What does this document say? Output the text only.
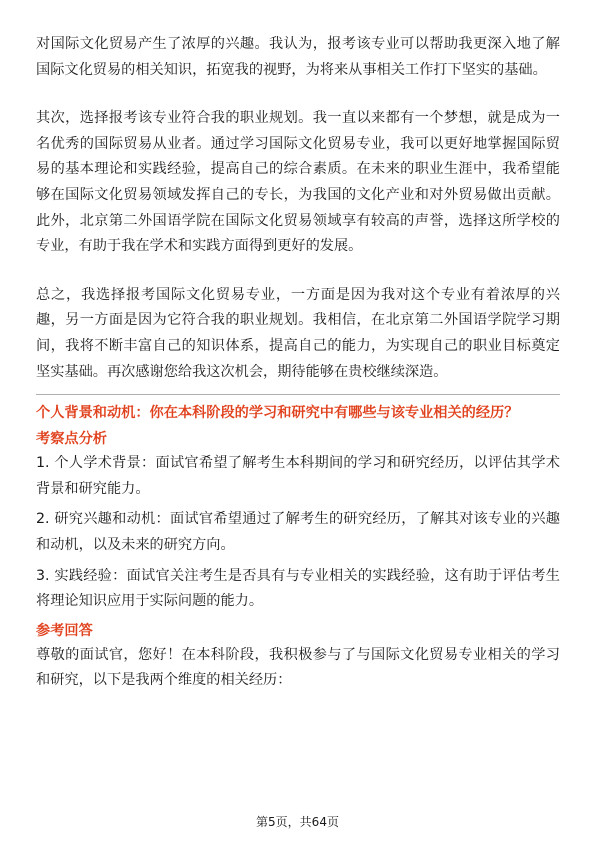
对国际文化贸易产生了浓厚的兴趣。我认为，报考该专业可以帮助我更深入地了解国际文化贸易的相关知识，拓宽我的视野，为将来从事相关工作打下坚实的基础。

其次，选择报考该专业符合我的职业规划。我一直以来都有一个梦想，就是成为一名优秀的国际贸易从业者。通过学习国际文化贸易专业，我可以更好地掌握国际贸易的基本理论和实践经验，提高自己的综合素质。在未来的职业生涯中，我希望能够在国际文化贸易领域发挥自己的专长，为我国的文化产业和对外贸易做出贡献。此外，北京第二外国语学院在国际文化贸易领域享有较高的声誉，选择这所学校的专业，有助于我在学术和实践方面得到更好的发展。

总之，我选择报考国际文化贸易专业，一方面是因为我对这个专业有着浓厚的兴趣，另一方面是因为它符合我的职业规划。我相信，在北京第二外国语学院学习期间，我将不断丰富自己的知识体系，提高自己的能力，为实现自己的职业目标奠定坚实基础。再次感谢您给我这次机会，期待能够在贵校继续深造。

个人背景和动机：你在本科阶段的学习和研究中有哪些与该专业相关的经历？

考察点分析

1. 个人学术背景：面试官希望了解考生本科期间的学习和研究经历，以评估其学术背景和研究能力。

2. 研究兴趣和动机：面试官希望通过了解考生的研究经历，了解其对该专业的兴趣和动机，以及未来的研究方向。

3. 实践经验：面试官关注考生是否具有与专业相关的实践经验，这有助于评估考生将理论知识应用于实际问题的能力。

参考回答

尊敬的面试官，您好！在本科阶段，我积极参与了与国际文化贸易专业相关的学习和研究，以下是我两个维度的相关经历：

第5页，共64页
